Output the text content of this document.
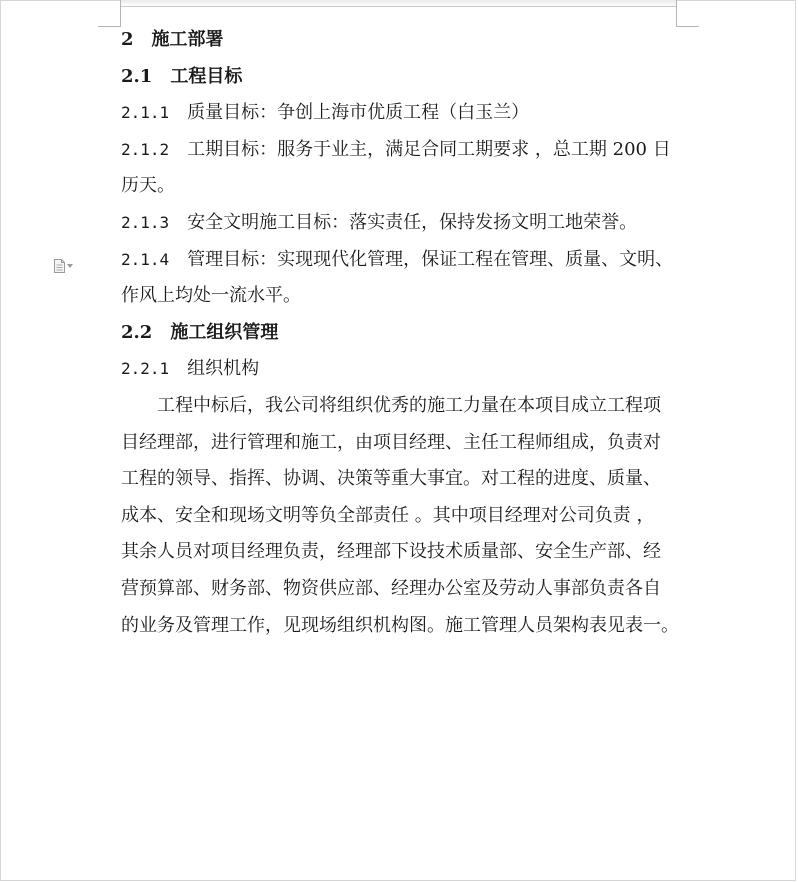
2 施工部署

2.1 工程目标

2.1.1 质量目标：争创上海市优质工程（白玉兰）

2.1.2 工期目标：服务于业主，满足合同工期要求 ，总工期 200 日

历天。

2.1.3 安全文明施工目标：落实责任，保持发扬文明工地荣誉。

2.1.4 管理目标：实现现代化管理，保证工程在管理、质量、文明、

作风上均处一流水平。

2.2 施工组织管理

2.2.1 组织机构

工程中标后，我公司将组织优秀的施工力量在本项目成立工程项

目经理部，进行管理和施工，由项目经理、主任工程师组成，负责对

工程的领导、指挥、协调、决策等重大事宜。对工程的进度、质量、

成本、安全和现场文明等负全部责任 。其中项目经理对公司负责 ，

其余人员对项目经理负责，经理部下设技术质量部、安全生产部、经

营预算部、财务部、物资供应部、经理办公室及劳动人事部负责各自

的业务及管理工作，见现场组织机构图。施工管理人员架构表见表一。
